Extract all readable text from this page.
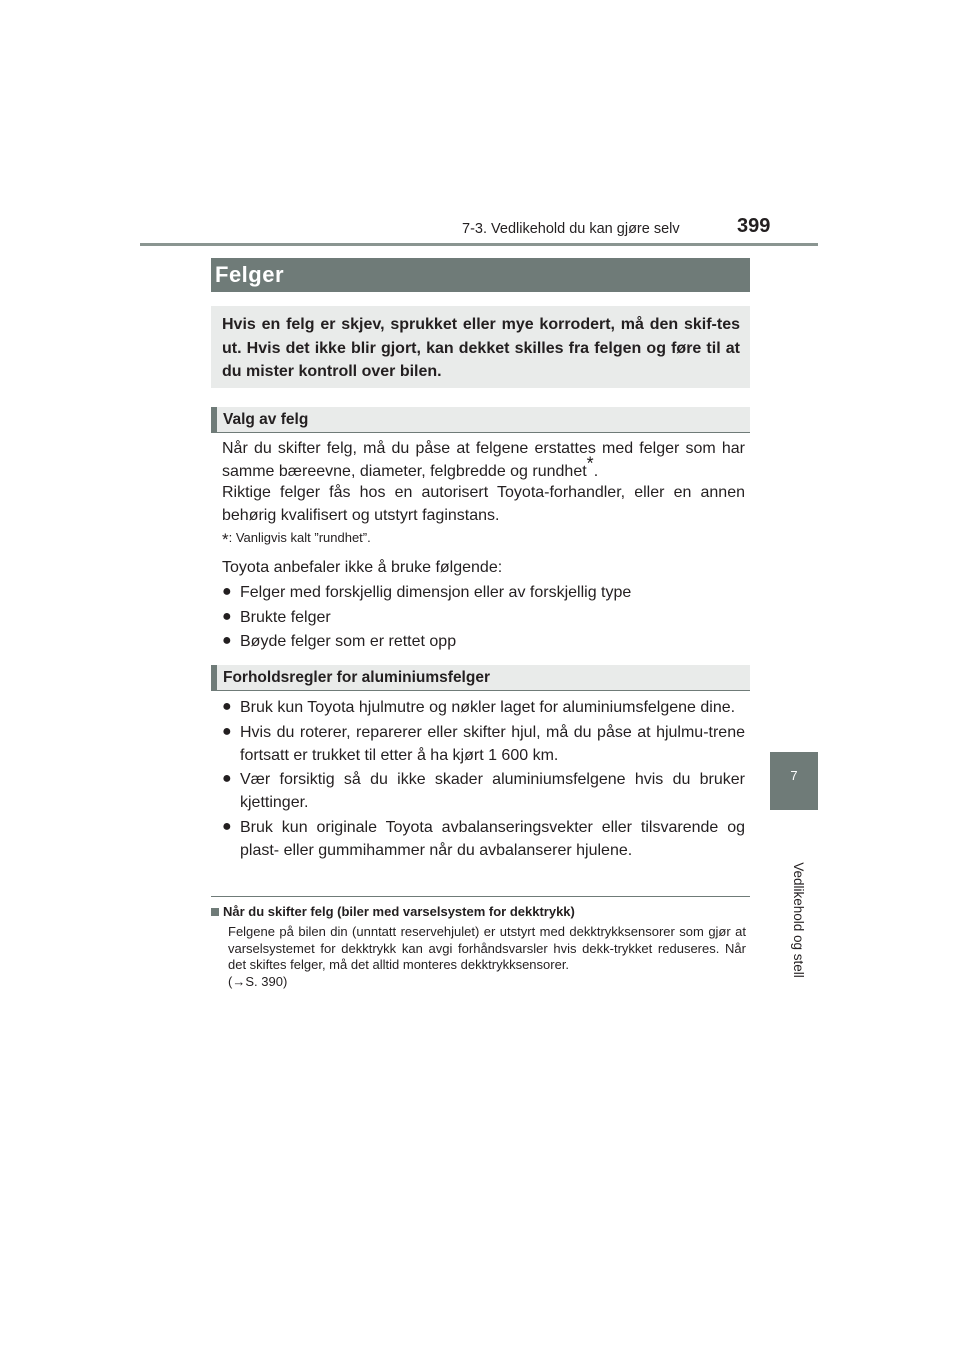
7-3. Vedlikehold du kan gjøre selv	399
7
Vedlikehold og stell
Felger
Hvis en felg er skjev, sprukket eller mye korrodert, må den skif-tes ut. Hvis det ikke blir gjort, kan dekket skilles fra felgen og føre til at du mister kontroll over bilen.
Valg av felg
Når du skifter felg, må du påse at felgene erstattes med felger som har samme bæreevne, diameter, felgbredde og rundhet*.
Riktige felger fås hos en autorisert Toyota-forhandler, eller en annen behørig kvalifisert og utstyrt faginstans.
*: Vanligvis kalt ”rundhet”.
Toyota anbefaler ikke å bruke følgende:
● Felger med forskjellig dimensjon eller av forskjellig type
● Brukte felger
● Bøyde felger som er rettet opp
Forholdsregler for aluminiumsfelger
● Bruk kun Toyota hjulmutre og nøkler laget for aluminiumsfelgene dine.
● Hvis du roterer, reparerer eller skifter hjul, må du påse at hjulmu-trene fortsatt er trukket til etter å ha kjørt 1 600 km.
● Vær forsiktig så du ikke skader aluminiumsfelgene hvis du bruker kjettinger.
● Bruk kun originale Toyota avbalanseringsvekter eller tilsvarende og plast- eller gummihammer når du avbalanserer hjulene.
Når du skifter felg (biler med varselsystem for dekktrykk)
Felgene på bilen din (unntatt reservehjulet) er utstyrt med dekktrykksensorer som gjør at varselsystemet for dekktrykk kan avgi forhåndsvarsler hvis dekk-trykket reduseres. Når det skiftes felger, må det alltid monteres dekktrykksensorer.
(→S. 390)
